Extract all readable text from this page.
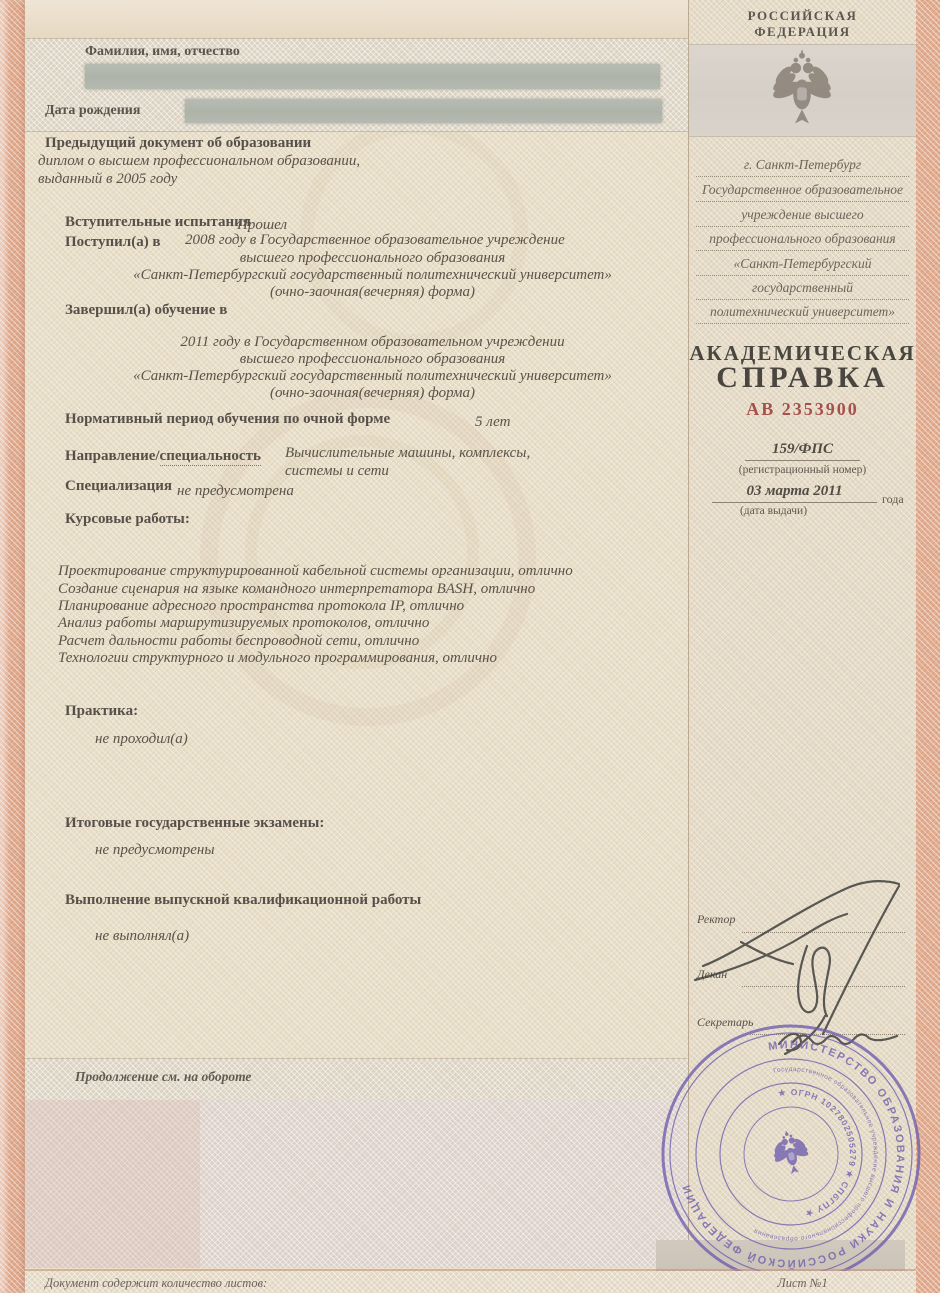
РОССИЙСКАЯ
ФЕДЕРАЦИЯ
Фамилия, имя, отчество
Дата рождения
Предыдущий документ об образовании
диплом о высшем профессиональном образовании,
выданный в 2005 году
Вступительные испытания
Прошел
Поступил(а) в 2008 году в Государственное образовательное учреждение
высшего профессионального образования
«Санкт-Петербургский государственный политехнический университет»
(очно-заочная(вечерняя) форма)
Завершил(а) обучение в
2011 году в Государственном образовательном учреждении
высшего профессионального образования
«Санкт-Петербургский государственный политехнический университет»
(очно-заочная(вечерняя) форма)
Нормативный период обучения по очной форме	5 лет
Направление/специальность Вычислительные машины, комплексы,
системы и сети
Специализация не предусмотрена
Курсовые работы:
Проектирование структурированной кабельной системы организации, отлично
Создание сценария на языке командного интерпретатора BASH, отлично
Планирование адресного пространства протокола IP, отлично
Анализ работы маршрутизируемых протоколов, отлично
Расчет дальности работы беспроводной сети, отлично
Технологии структурного и модульного программирования, отлично
Практика:
не проходил(а)
Итоговые государственные экзамены:
не предусмотрены
Выполнение выпускной квалификационной работы
не выполнял(а)
г. Санкт-Петербург
Государственное образовательное
учреждение высшего
профессионального образования
«Санкт-Петербургский
государственный
политехнический университет»
АКАДЕМИЧЕСКАЯ
СПРАВКА
АВ 2353900
159/ФПС
(регистрационный номер)
03 марта 2011	года
(дата выдачи)
Ректор
Декан
Секретарь
Продолжение см. на обороте
МИНИСТЕРСТВО ОБРАЗОВАНИЯ И НАУКИ РОССИЙСКОЙ ФЕДЕРАЦИИ
Государственное образовательное учреждение высшего профессионального образования
★ ОГРН 1027802505279 ★ СПбГПУ ★
Документ содержит количество листов:	Лист №1
